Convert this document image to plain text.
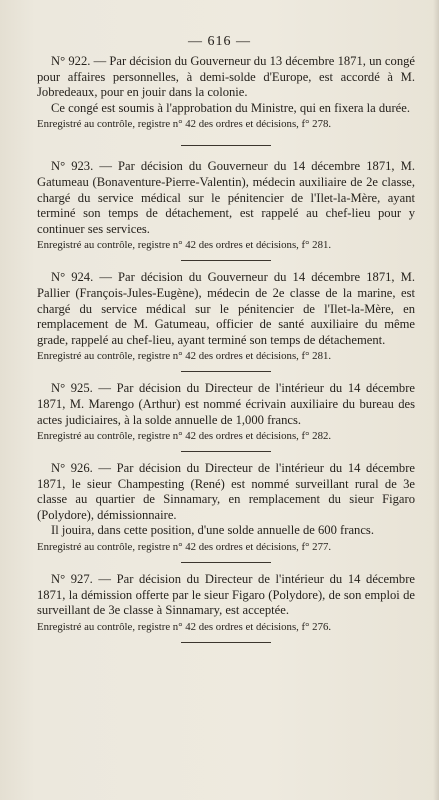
— 616 —

N° 922. — Par décision du Gouverneur du 13 décembre 1871, un congé pour affaires personnelles, à demi-solde d'Europe, est accordé à M. Jobredeaux, pour en jouir dans la colonie.

Ce congé est soumis à l'approbation du Ministre, qui en fixera la durée.

Enregistré au contrôle, registre n° 42 des ordres et décisions, f° 278.

N° 923. — Par décision du Gouverneur du 14 décembre 1871, M. Gatumeau (Bonaventure-Pierre-Valentin), médecin auxiliaire de 2e classe, chargé du service médical sur le pénitencier de l'Ilet-la-Mère, ayant terminé son temps de détachement, est rappelé au chef-lieu pour y continuer ses services.

Enregistré au contrôle, registre n° 42 des ordres et décisions, f° 281.

N° 924. — Par décision du Gouverneur du 14 décembre 1871, M. Pallier (François-Jules-Eugène), médecin de 2e classe de la marine, est chargé du service médical sur le pénitencier de l'Ilet-la-Mère, en remplacement de M. Gatumeau, officier de santé auxiliaire du même grade, rappelé au chef-lieu, ayant terminé son temps de détachement.

Enregistré au contrôle, registre n° 42 des ordres et décisions, f° 281.

N° 925. — Par décision du Directeur de l'intérieur du 14 décembre 1871, M. Marengo (Arthur) est nommé écrivain auxiliaire du bureau des actes judiciaires, à la solde annuelle de 1,000 francs.

Enregistré au contrôle, registre n° 42 des ordres et décisions, f° 282.

N° 926. — Par décision du Directeur de l'intérieur du 14 décembre 1871, le sieur Champesting (René) est nommé surveillant rural de 3e classe au quartier de Sinnamary, en remplacement du sieur Figaro (Polydore), démissionnaire.

Il jouira, dans cette position, d'une solde annuelle de 600 francs.

Enregistré au contrôle, registre n° 42 des ordres et décisions, f° 277.

N° 927. — Par décision du Directeur de l'intérieur du 14 décembre 1871, la démission offerte par le sieur Figaro (Polydore), de son emploi de surveillant de 3e classe à Sinnamary, est acceptée.

Enregistré au contrôle, registre n° 42 des ordres et décisions, f° 276.
